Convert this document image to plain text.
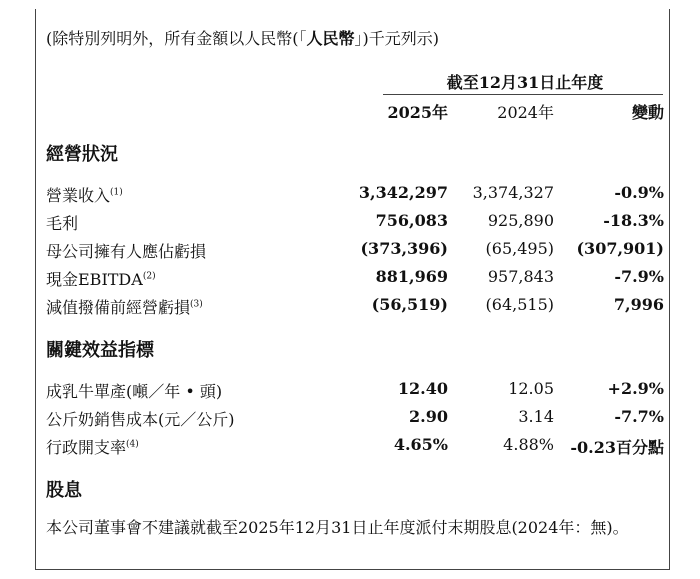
(除特別列明外，所有金額以人民幣(「人民幣」)千元列示)
截至12月31日止年度
2025年	2024年	變動
經營狀況
營業收入$^{(1)}$	3,342,297	3,374,327	-0.9%
毛利	756,083	925,890	-18.3%
母公司擁有人應佔虧損	(373,396)	(65,495)	(307,901)
現金EBITDA$^{(2)}$	881,969	957,843	-7.9%
減值撥備前經營虧損$^{(3)}$	(56,519)	(64,515)	7,996
關鍵效益指標
成乳牛單產(噸／年 • 頭)	12.40	12.05	+2.9%
公斤奶銷售成本(元／公斤)	2.90	3.14	-7.7%
行政開支率$^{(4)}$	4.65%	4.88%	-0.23百分點
股息
本公司董事會不建議就截至2025年12月31日止年度派付末期股息(2024年：無)。
